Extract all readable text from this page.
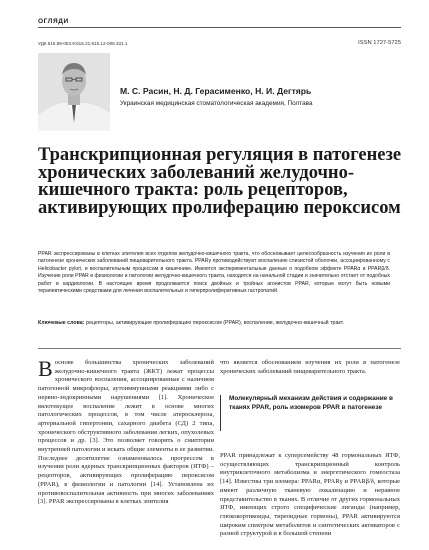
ОГЛЯДИ
УДК 616.89-053.9:615.21:616.12-008.331.1	ISSN 1727-5725
М. С. Расин, Н. Д. Герасименко, Н. И. Дегтярь
Украинская медицинская стоматологическая академия, Полтава
Транскрипционная регуляция в патогенезе хронических заболеваний желудочно-кишечного тракта: роль рецепторов, активирующих пролиферацию пероксисом

PPAR экспрессированы в клетках эпителия всех отделов желудочно-кишечного тракта, что обосновывает целесообразность изучения их роли в патогенезе хронических заболеваний пищеварительного тракта. PPARγ противодействуют воспалению слизистой оболочки, ассоциированному с Helicobacter pylori, и воспалительным процессам в кишечнике. Имеются экспериментальные данные о подобном эффекте PPARα и PPARβ/δ. Изучение роли PPAR в физиологии и патологии желудочно-кишечного тракта, находится на начальной стадии и значительно отстает от подобных работ в кардиологии. В настоящее время продолжается поиск двойных и тройных агонистов PPAR, которые могут быть новыми терапевтическими средствами для лечения воспалительных и гиперпролиферативных гастропатий.

Ключевые слова: рецепторы, активирующие пролиферацию пероксисом (PPAR), воспаление, желудочно-кишечный тракт.

Воснове большинства хронических заболеваний желудочно-кишечного тракта (ЖКТ) лежат процессы хронического воспаления, ассоциированные с наличием патогенной микрофлоры, аутоиммунными реакциями либо с нервно-эндокринными нарушениями [1]. Хроническое вялотекущее воспаление лежит в основе многих патологических процессов, в том числе атеросклероза, артериальной гипертонии, сахарного диабета (СД) 2 типа, хронического обструктивного заболевания легких, опухолевых процессов и др. [3]. Это позволяет говорить о сниптории внутренней патологии и искать общие элементы в ее развитии. Последнее десятилетие ознаменовалось прогрессом в изучении роли ядерных транскрипционных факторов (ЯТФ) – рецепторов, активирующих пролиферацию пероксисом (PPAR), в физиологии и патологии [14]. Установлена их противовоспалительная активность при многих заболеваниях [3]. PPAR экспрессированы в клетках эпителия

что является обоснованием изучения их роли в патогенезе хронических заболеваний пищеварительного тракта.

Молекулярный механизм действия и содержание в тканях PPAR, роль изомеров PPAR в патогенезе

PPAR принадлежат к суперсемейству 48 гормональных ЯТФ, осуществляющих транскрипционный контроль внутриклеточного метаболизма и энергетического гомеостаза [14]. Известны три изомера: PPARα, PPARγ и PPARβ/δ, которые имеют различную тканевую локализацию и неравное представительство в тканях. В отличие от других гормональных ЯТФ, имеющих строго специфические лиганды (например, глюкокортикоиды, тиреоидные гормоны), PPAR активируются широким спектром метаболитов и синтетических активаторов с разной структурой и в большой степени
